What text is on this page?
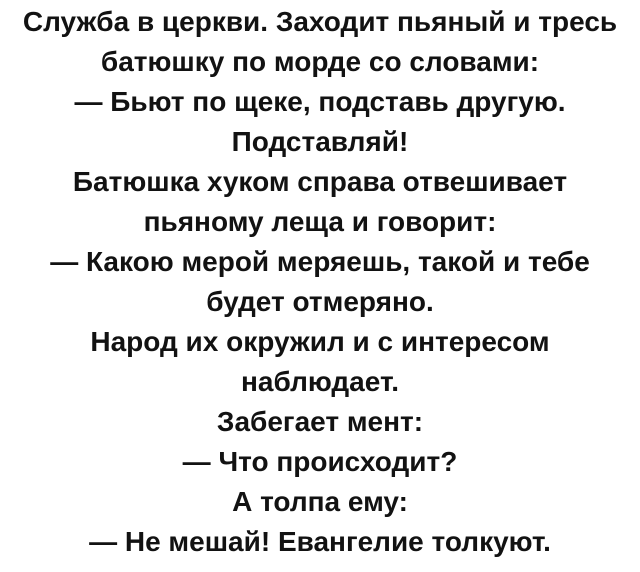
Служба в церкви. Заходит пьяный и тресь
батюшку по морде со словами:
— Бьют по щеке, подставь другую.
Подставляй!
Батюшка хуком справа отвешивает
пьяному леща и говорит:
— Какою мерой меряешь, такой и тебе
будет отмеряно.
Народ их окружил и с интересом
наблюдает.
Забегает мент:
— Что происходит?
А толпа ему:
— Не мешай! Евангелие толкуют.
